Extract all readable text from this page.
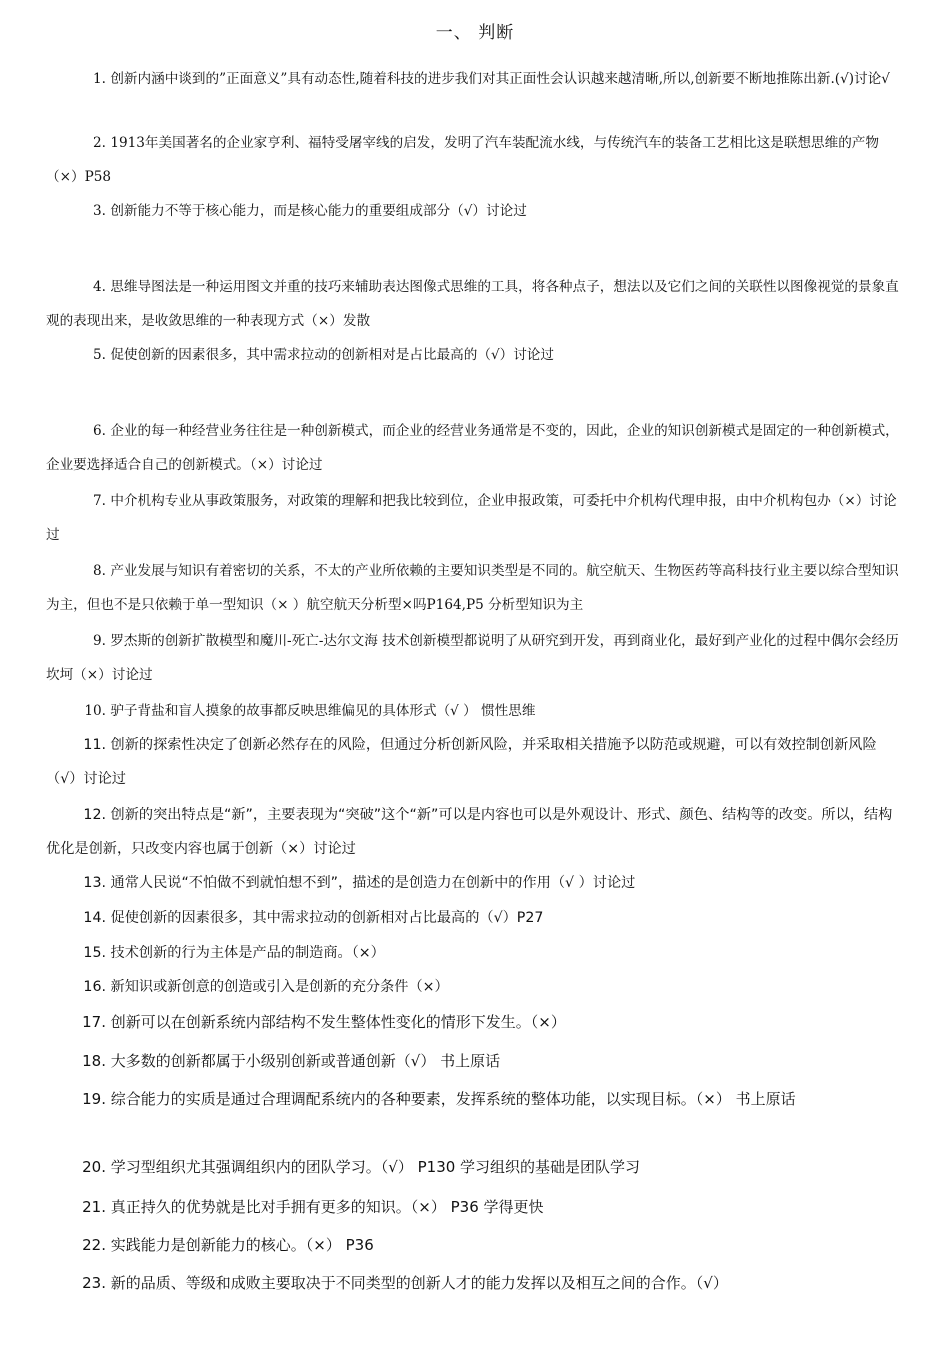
一、 判断

1. 创新内涵中谈到的”正面意义”具有动态性,随着科技的进步我们对其正面性会认识越来越清晰,所以,创新要不断地推陈出新.(√)讨论√

2. 1913年美国著名的企业家亨利、福特受屠宰线的启发，发明了汽车装配流水线，与传统汽车的装备工艺相比这是联想思维的产物（×）P58

3. 创新能力不等于核心能力，而是核心能力的重要组成部分（√）讨论过

4. 思维导图法是一种运用图文并重的技巧来辅助表达图像式思维的工具，将各种点子，想法以及它们之间的关联性以图像视觉的景象直观的表现出来，是收敛思维的一种表现方式（×）发散

5. 促使创新的因素很多，其中需求拉动的创新相对是占比最高的（√）讨论过

6. 企业的每一种经营业务往往是一种创新模式，而企业的经营业务通常是不变的，因此，企业的知识创新模式是固定的一种创新模式，企业要选择适合自己的创新模式。（×）讨论过

7. 中介机构专业从事政策服务，对政策的理解和把我比较到位，企业申报政策，可委托中介机构代理申报，由中介机构包办（×）讨论过

8. 产业发展与知识有着密切的关系，不太的产业所依赖的主要知识类型是不同的。航空航天、生物医药等高科技行业主要以综合型知识为主，但也不是只依赖于单一型知识（× ）航空航天分析型×吗P164,P5 分析型知识为主

9. 罗杰斯的创新扩散模型和魔川-死亡-达尔文海 技术创新模型都说明了从研究到开发，再到商业化，最好到产业化的过程中偶尔会经历坎坷（×）讨论过

10. 驴子背盐和盲人摸象的故事都反映思维偏见的具体形式（√ ） 惯性思维

11. 创新的探索性决定了创新必然存在的风险，但通过分析创新风险，并采取相关措施予以防范或规避，可以有效控制创新风险（√）讨论过

12. 创新的突出特点是“新”，主要表现为“突破”这个“新”可以是内容也可以是外观设计、形式、颜色、结构等的改变。所以，结构优化是创新，只改变内容也属于创新（×）讨论过

13. 通常人民说“不怕做不到就怕想不到”，描述的是创造力在创新中的作用（√ ）讨论过

14. 促使创新的因素很多，其中需求拉动的创新相对占比最高的（√）P27

15. 技术创新的行为主体是产品的制造商。（×）

16. 新知识或新创意的创造或引入是创新的充分条件（×）

17. 创新可以在创新系统内部结构不发生整体性变化的情形下发生。（×）

18. 大多数的创新都属于小级别创新或普通创新（√） 书上原话

19. 综合能力的实质是通过合理调配系统内的各种要素，发挥系统的整体功能，以实现目标。（×） 书上原话

20. 学习型组织尤其强调组织内的团队学习。（√） P130 学习组织的基础是团队学习

21. 真正持久的优势就是比对手拥有更多的知识。（×） P36 学得更快

22. 实践能力是创新能力的核心。（×） P36

23. 新的品质、等级和成败主要取决于不同类型的创新人才的能力发挥以及相互之间的合作。（√）
